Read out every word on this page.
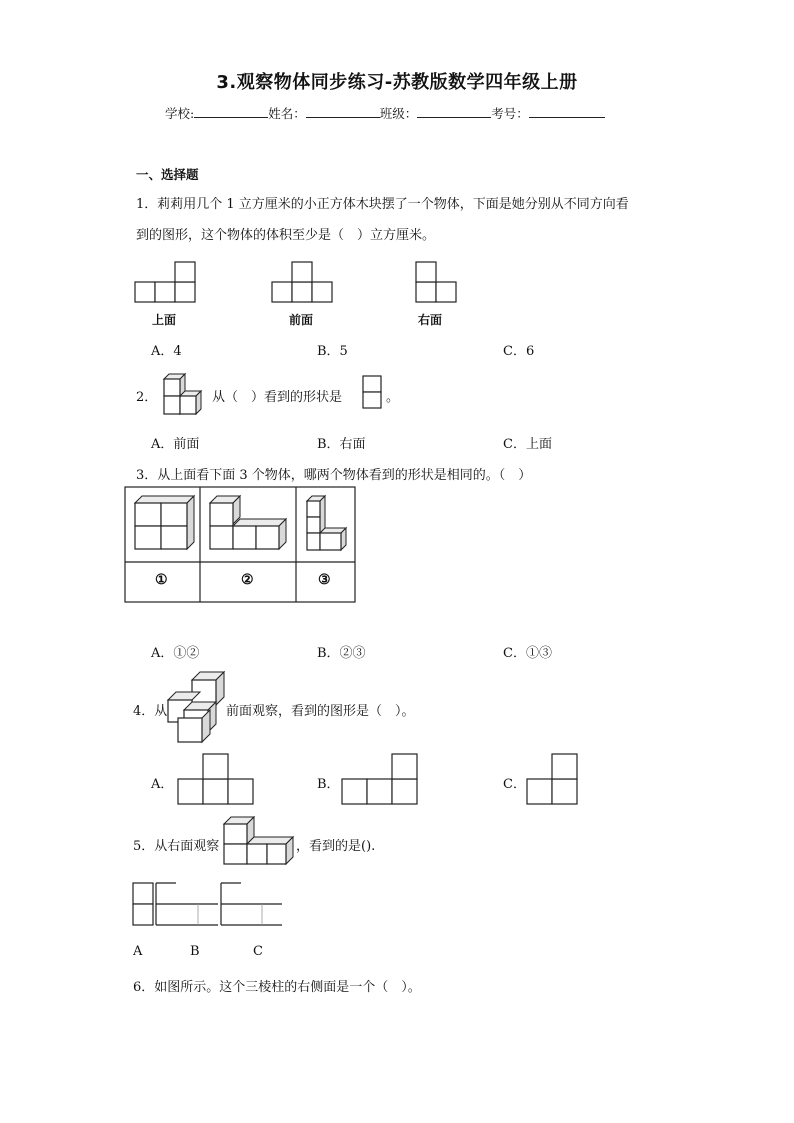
3.观察物体同步练习-苏教版数学四年级上册
学校:	姓名：	班级：	考号：
一、选择题
1．莉莉用几个 1 立方厘米的小正方体木块摆了一个物体，下面是她分别从不同方向看
到的图形，这个物体的体积至少是（　）立方厘米。
上面	前面	右面
A．4	B．5	C．6
2．	从（　）看到的形状是	。
A．前面	B．右面	C．上面
3．从上面看下面 3 个物体，哪两个物体看到的形状是相同的。（　）
①	②	③
A．①②	B．②③	C．①③
4．从	前面观察，看到的图形是（　）。
A．	B．	C．
5．从右面观察	，看到的是().
A	B	C
6．如图所示。这个三棱柱的右侧面是一个（　）。
